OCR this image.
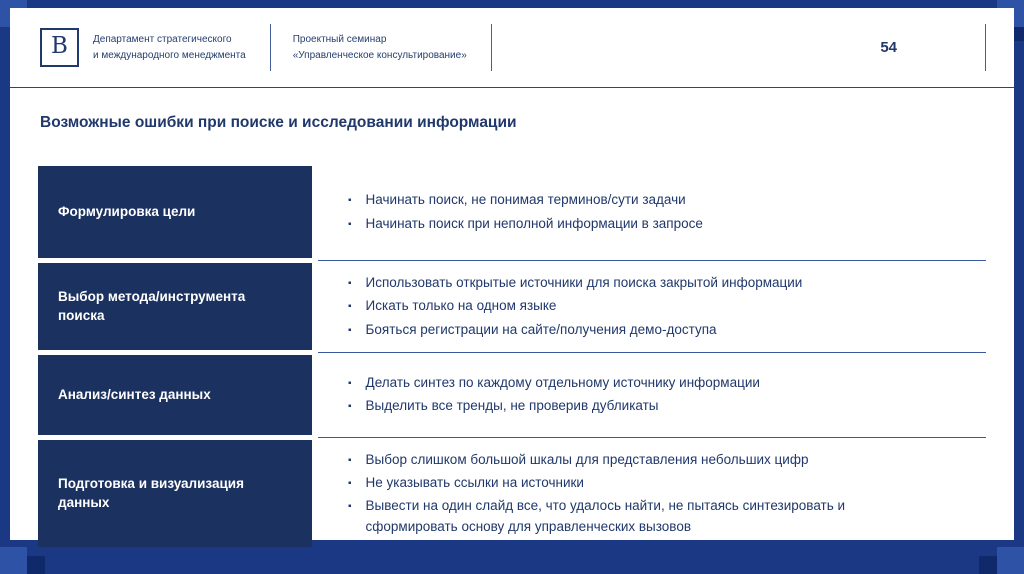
В	Департамент стратегического
и международного менеджмента
Проектный семинар
«Управленческое консультирование»	54
Возможные ошибки при поиске и исследовании информации
Формулировка цели
▪ Начинать поиск, не понимая терминов/сути задачи
▪ Начинать поиск при неполной информации в запросе
Выбор метода/инструмента поиска
▪ Использовать открытые источники для поиска закрытой информации
▪ Искать только на одном языке
▪ Бояться регистрации на сайте/получения демо-доступа
Анализ/синтез данных
▪ Делать синтез по каждому отдельному источнику информации
▪ Выделить все тренды, не проверив дубликаты
Подготовка и визуализация данных
▪ Выбор слишком большой шкалы для представления небольших цифр
▪ Не указывать ссылки на источники
▪ Вывести на один слайд все, что удалось найти, не пытаясь синтезировать и сформировать основу для управленческих вызовов
